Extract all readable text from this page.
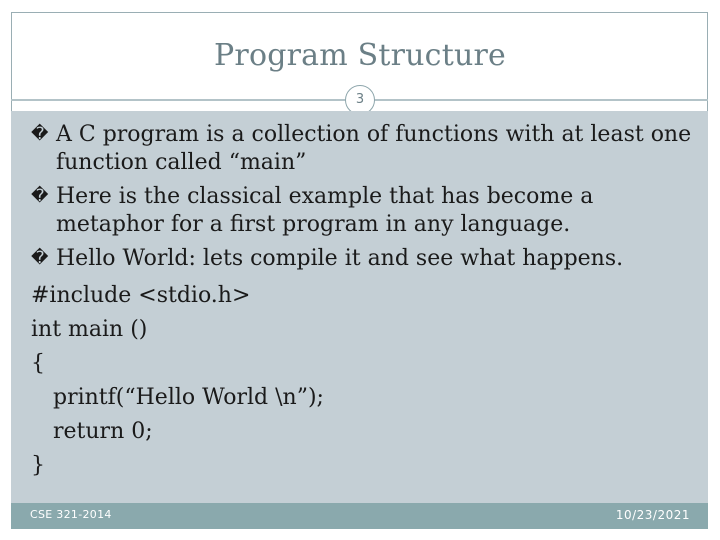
Program Structure
3
� A C program is a collection of functions with at least one function called “main”
� Here is the classical example that has become a metaphor for a first program in any language.
� Hello World: lets compile it and see what happens.
#include <stdio.h>
int main ()
{
printf(“Hello World \n”);
return 0;
}
CSE 321-2014	10/23/2021
